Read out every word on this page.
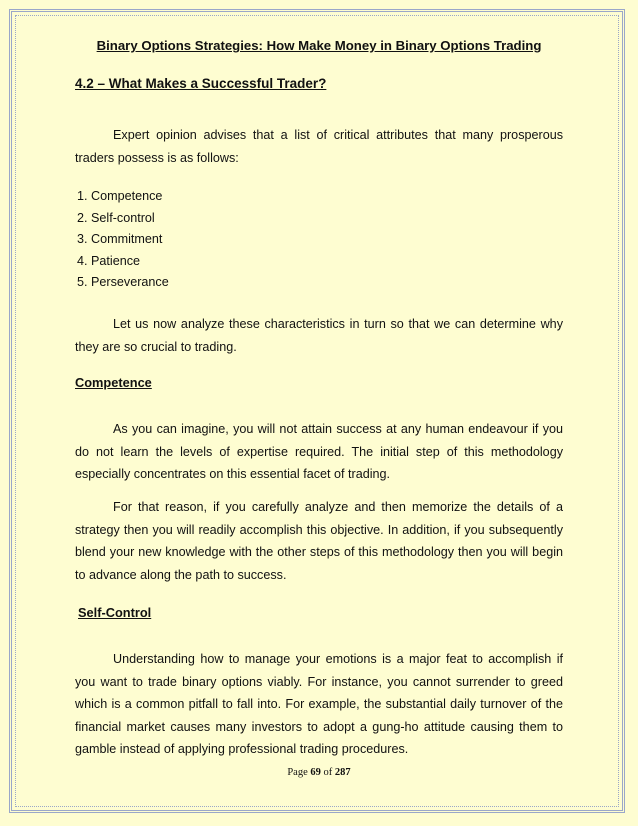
Binary Options Strategies: How Make Money in Binary Options Trading
4.2 – What Makes a Successful Trader?

Expert opinion advises that a list of critical attributes that many prosperous traders possess is as follows:

1. Competence
2. Self-control
3. Commitment
4. Patience
5. Perseverance

Let us now analyze these characteristics in turn so that we can determine why they are so crucial to trading.

Competence

As you can imagine, you will not attain success at any human endeavour if you do not learn the levels of expertise required. The initial step of this methodology especially concentrates on this essential facet of trading.

For that reason, if you carefully analyze and then memorize the details of a strategy then you will readily accomplish this objective. In addition, if you subsequently blend your new knowledge with the other steps of this methodology then you will begin to advance along the path to success.

Self-Control

Understanding how to manage your emotions is a major feat to accomplish if you want to trade binary options viably. For instance, you cannot surrender to greed which is a common pitfall to fall into. For example, the substantial daily turnover of the financial market causes many investors to adopt a gung-ho attitude causing them to gamble instead of applying professional trading procedures.

Page 69 of 287
